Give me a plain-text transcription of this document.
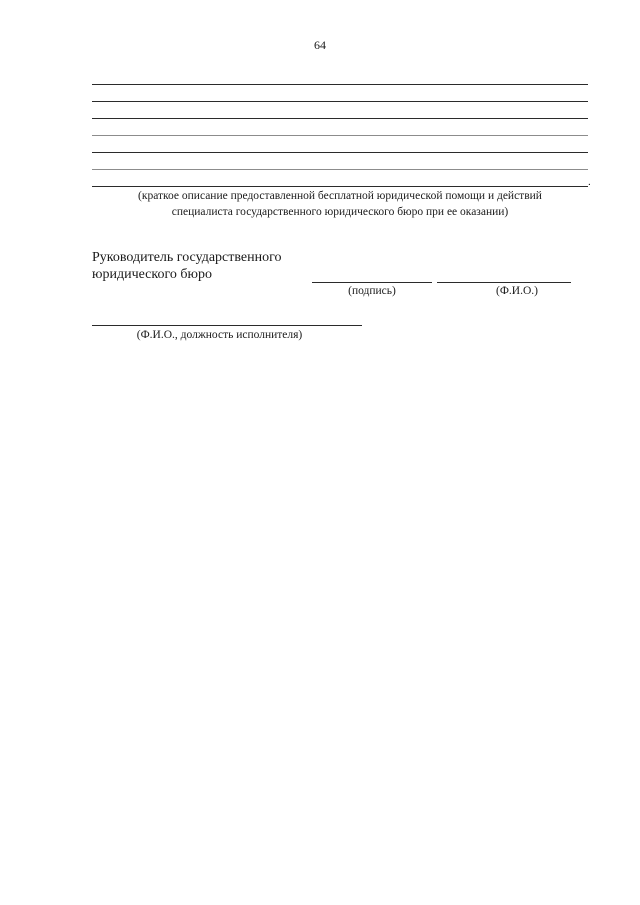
64
.
(краткое описание предоставленной бесплатной юридической помощи и действий
специалиста государственного юридического бюро при ее оказании)
Руководитель государственного
юридического бюро
(подпись)	(Ф.И.О.)
(Ф.И.О., должность исполнителя)
